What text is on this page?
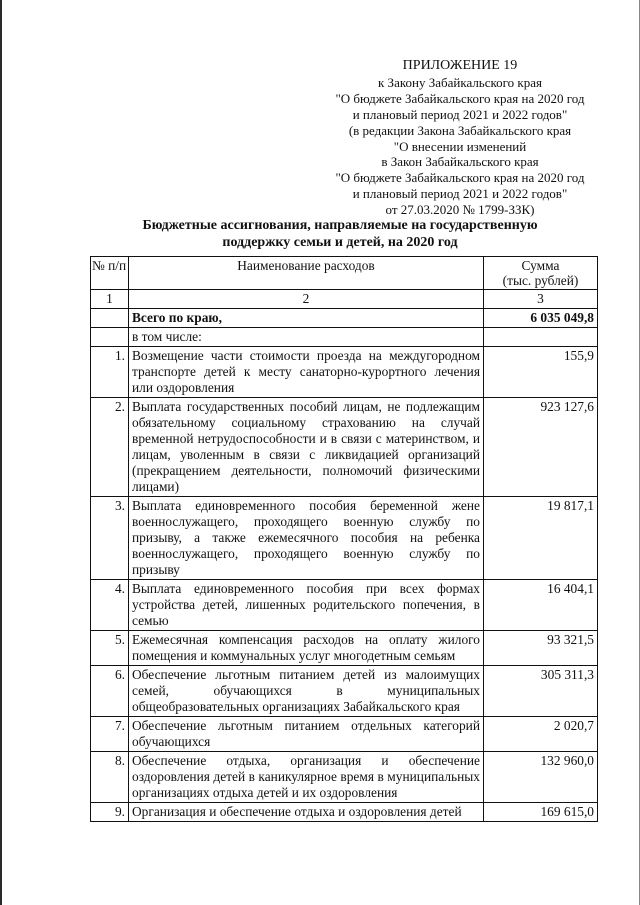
ПРИЛОЖЕНИЕ 19
к Закону Забайкальского края
"О бюджете Забайкальского края на 2020 год
и плановый период 2021 и 2022 годов"
(в редакции Закона Забайкальского края
"О внесении изменений
в Закон Забайкальского края
"О бюджете Забайкальского края на 2020 год
и плановый период 2021 и 2022 годов"
от 27.03.2020 № 1799-ЗЗК)
Бюджетные ассигнования, направляемые на государственную
поддержку семьи и детей, на 2020 год
№ п/п	Наименование расходов	Сумма
(тыс. рублей)
1	2	3
	Всего по краю,	6 035 049,8
	в том числе:	
1.	Возмещение части стоимости проезда на междугородном транспорте детей к месту санаторно-курортного лечения или оздоровления	155,9
2.	Выплата государственных пособий лицам, не подлежащим обязательному социальному страхованию на случай временной нетрудоспособности и в связи с материнством, и лицам, уволенным в связи с ликвидацией организаций (прекращением деятельности, полномочий физическими лицами)	923 127,6
3.	Выплата единовременного пособия беременной жене военнослужащего, проходящего военную службу по призыву, а также ежемесячного пособия на ребенка военнослужащего, проходящего военную службу по призыву	19 817,1
4.	Выплата единовременного пособия при всех формах устройства детей, лишенных родительского попечения, в семью	16 404,1
5.	Ежемесячная компенсация расходов на оплату жилого помещения и коммунальных услуг многодетным семьям	93 321,5
6.	Обеспечение льготным питанием детей из малоимущих семей, обучающихся в муниципальных общеобразовательных организациях Забайкальского края	305 311,3
7.	Обеспечение льготным питанием отдельных категорий обучающихся	2 020,7
8.	Обеспечение отдыха, организация и обеспечение оздоровления детей в каникулярное время в муниципальных организациях отдыха детей и их оздоровления	132 960,0
9.	Организация и обеспечение отдыха и оздоровления детей	169 615,0
